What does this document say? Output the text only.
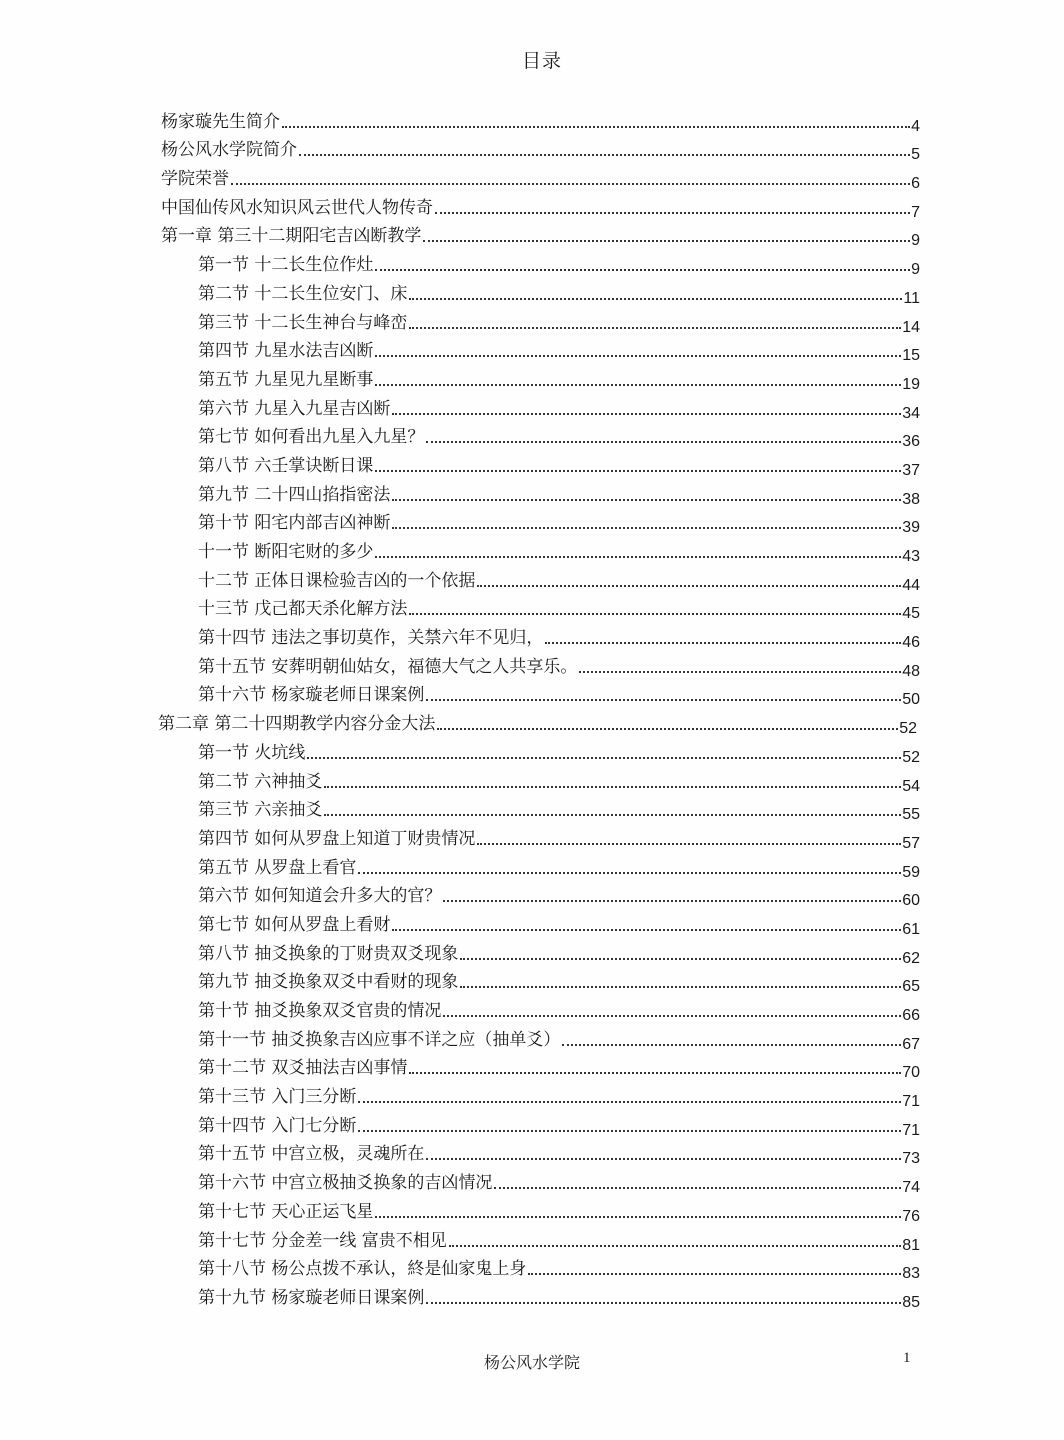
目录
杨家璇先生简介	4
杨公风水学院简介	5
学院荣誉	6
中国仙传风水知识风云世代人物传奇	7
第一章 第三十二期阳宅吉凶断教学	9
第一节 十二长生位作灶	9
第二节 十二长生位安门、床	11
第三节 十二长生神台与峰峦	14
第四节 九星水法吉凶断	15
第五节 九星见九星断事	19
第六节 九星入九星吉凶断	34
第七节 如何看出九星入九星？	36
第八节 六壬掌诀断日课	37
第九节 二十四山掐指密法	38
第十节 阳宅内部吉凶神断	39
十一节 断阳宅财的多少	43
十二节 正体日课检验吉凶的一个依据	44
十三节 戊己都天杀化解方法	45
第十四节 违法之事切莫作，关禁六年不见归，	46
第十五节 安葬明朝仙姑女，福德大气之人共享乐。	48
第十六节 杨家璇老师日课案例	50
第二章 第二十四期教学内容分金大法	52
第一节 火坑线	52
第二节 六神抽爻	54
第三节 六亲抽爻	55
第四节 如何从罗盘上知道丁财贵情况	57
第五节 从罗盘上看官	59
第六节 如何知道会升多大的官？	60
第七节 如何从罗盘上看财	61
第八节 抽爻换象的丁财贵双爻现象	62
第九节 抽爻换象双爻中看财的现象	65
第十节 抽爻换象双爻官贵的情况	66
第十一节 抽爻换象吉凶应事不详之应（抽单爻）	67
第十二节 双爻抽法吉凶事情	70
第十三节 入门三分断	71
第十四节 入门七分断	71
第十五节 中宫立极，灵魂所在	73
第十六节 中宫立极抽爻换象的吉凶情况	74
第十七节 天心正运飞星	76
第十七节 分金差一线 富贵不相见	81
第十八节 杨公点拨不承认，終是仙家鬼上身	83
第十九节 杨家璇老师日课案例	85
杨公风水学院	1
